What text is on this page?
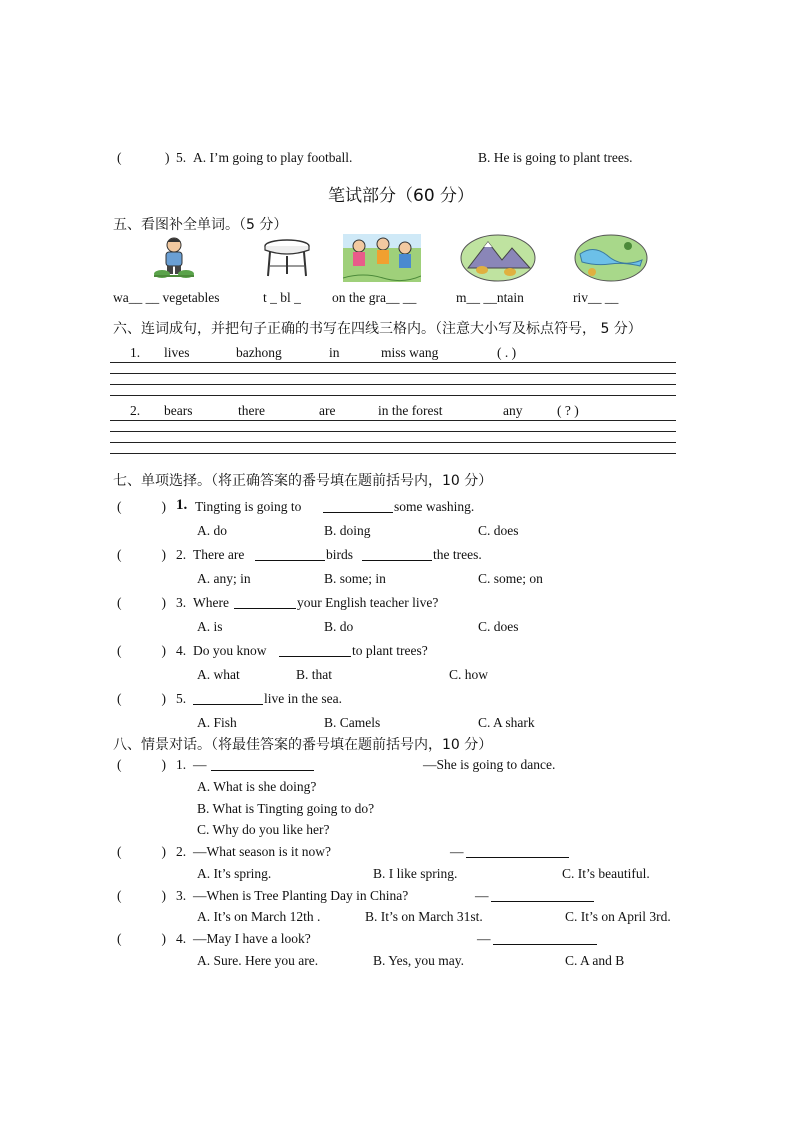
(	) 5. A. I’m going to play football.	B. He is going to plant trees.
笔试部分（60 分）
五、看图补全单词。（5 分）
wa__ __ vegetables	t _ bl _ on the gra__ __	m__ __ntain	riv__ __
六、连词成句，并把句子正确的书写在四线三格内。（注意大小写及标点符号， 5 分）
1. lives	bazhong	in	miss wang	( . )
2. bears	there	are	in the forest	any	( ? )
七、单项选择。（将正确答案的番号填在题前括号内，10 分）
(	) 1. Tingting is going to	some washing.
A. do	B. doing	C. does
(	) 2. There are	birds	the trees.
A. any; in	B. some; in	C. some; on
(	) 3. Where	your English teacher live?
A. is	B. do	C. does
(	) 4. Do you know	to plant trees?
A. what	B. that	C. how
(	) 5.	live in the sea.
A. Fish	B. Camels	C. A shark
八、情景对话。（将最佳答案的番号填在题前括号内，10 分）
(	) 1. —	—She is going to dance.
A. What is she doing?
B. What is Tingting going to do?
C. Why do you like her?
(	) 2. —What season is it now?	—
A. It’s spring.	B. I like spring.	C. It’s beautiful.
(	) 3. —When is Tree Planting Day in China?	—
A. It’s on March 12th .	B. It’s on March 31st.	C. It’s on April 3rd.
(	) 4. —May I have a look?	—
A. Sure. Here you are.	B. Yes, you may.	C. A and B
